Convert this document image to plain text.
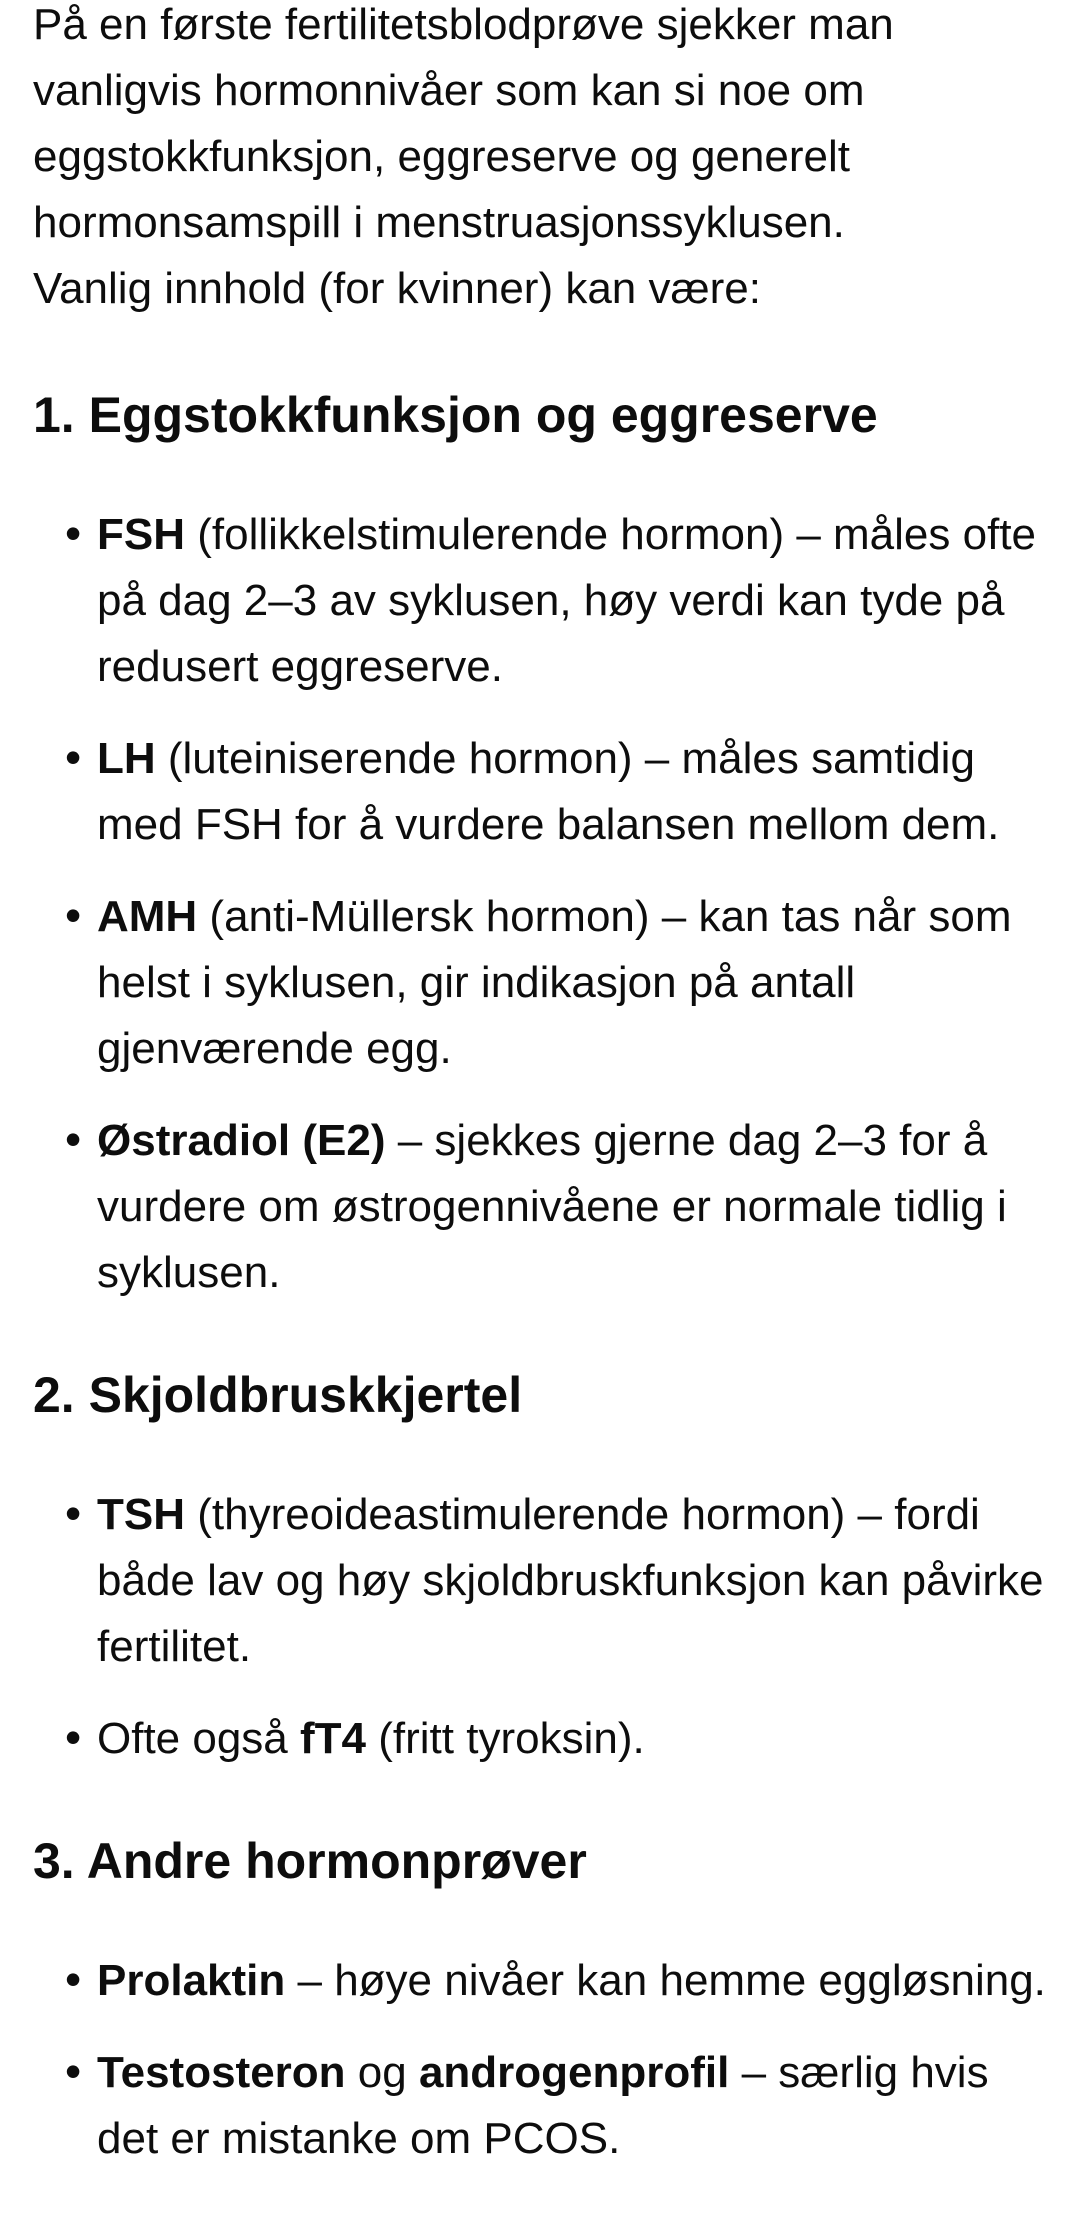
På en første fertilitetsblodprøve sjekker man vanligvis hormonnivåer som kan si noe om eggstokkfunksjon, eggreserve og generelt hormonsamspill i menstruasjonssyklusen.
Vanlig innhold (for kvinner) kan være:

1. Eggstokkfunksjon og eggreserve
• FSH (follikkelstimulerende hormon) – måles ofte på dag 2–3 av syklusen, høy verdi kan tyde på redusert eggreserve.
• LH (luteiniserende hormon) – måles samtidig med FSH for å vurdere balansen mellom dem.
• AMH (anti-Müllersk hormon) – kan tas når som helst i syklusen, gir indikasjon på antall gjenværende egg.
• Østradiol (E2) – sjekkes gjerne dag 2–3 for å vurdere om østrogennivåene er normale tidlig i syklusen.
2. Skjoldbruskkjertel
• TSH (thyreoideastimulerende hormon) – fordi både lav og høy skjoldbruskfunksjon kan påvirke fertilitet.
• Ofte også fT4 (fritt tyroksin).
3. Andre hormonprøver
• Prolaktin – høye nivåer kan hemme eggløsning.
• Testosteron og androgenprofil – særlig hvis det er mistanke om PCOS.
